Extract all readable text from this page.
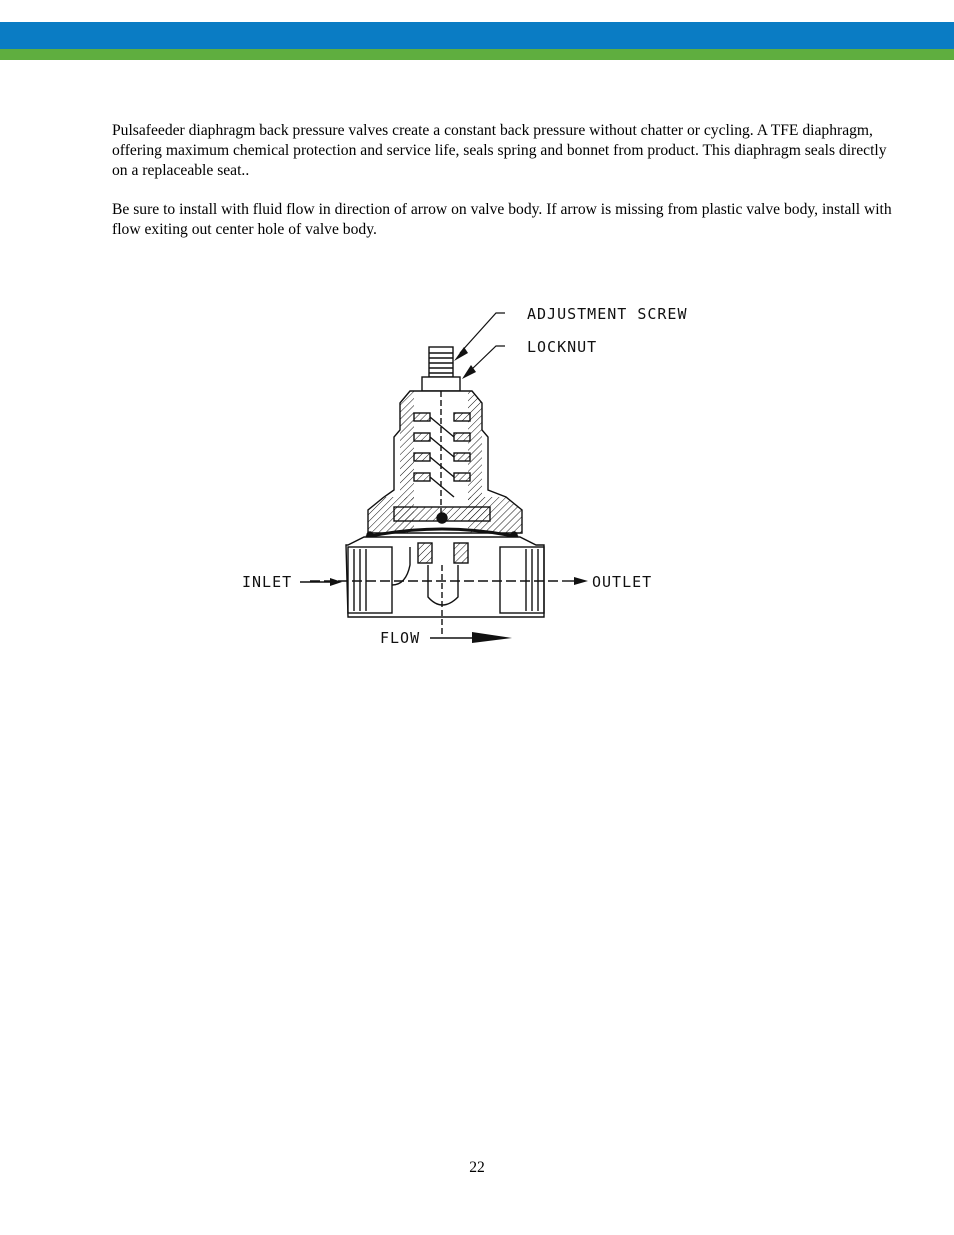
Pulsafeeder diaphragm back pressure valves create a constant back pressure without chatter or cycling. A TFE diaphragm, offering maximum chemical protection and service life, seals spring and bonnet from product. This diaphragm seals directly on a replaceable seat..

Be sure to install with fluid flow in direction of arrow on valve body. If arrow is missing from plastic valve body, install with flow exiting out center hole of valve body.

ADJUSTMENT SCREW
LOCKNUT
INLET	OUTLET
FLOW
22
